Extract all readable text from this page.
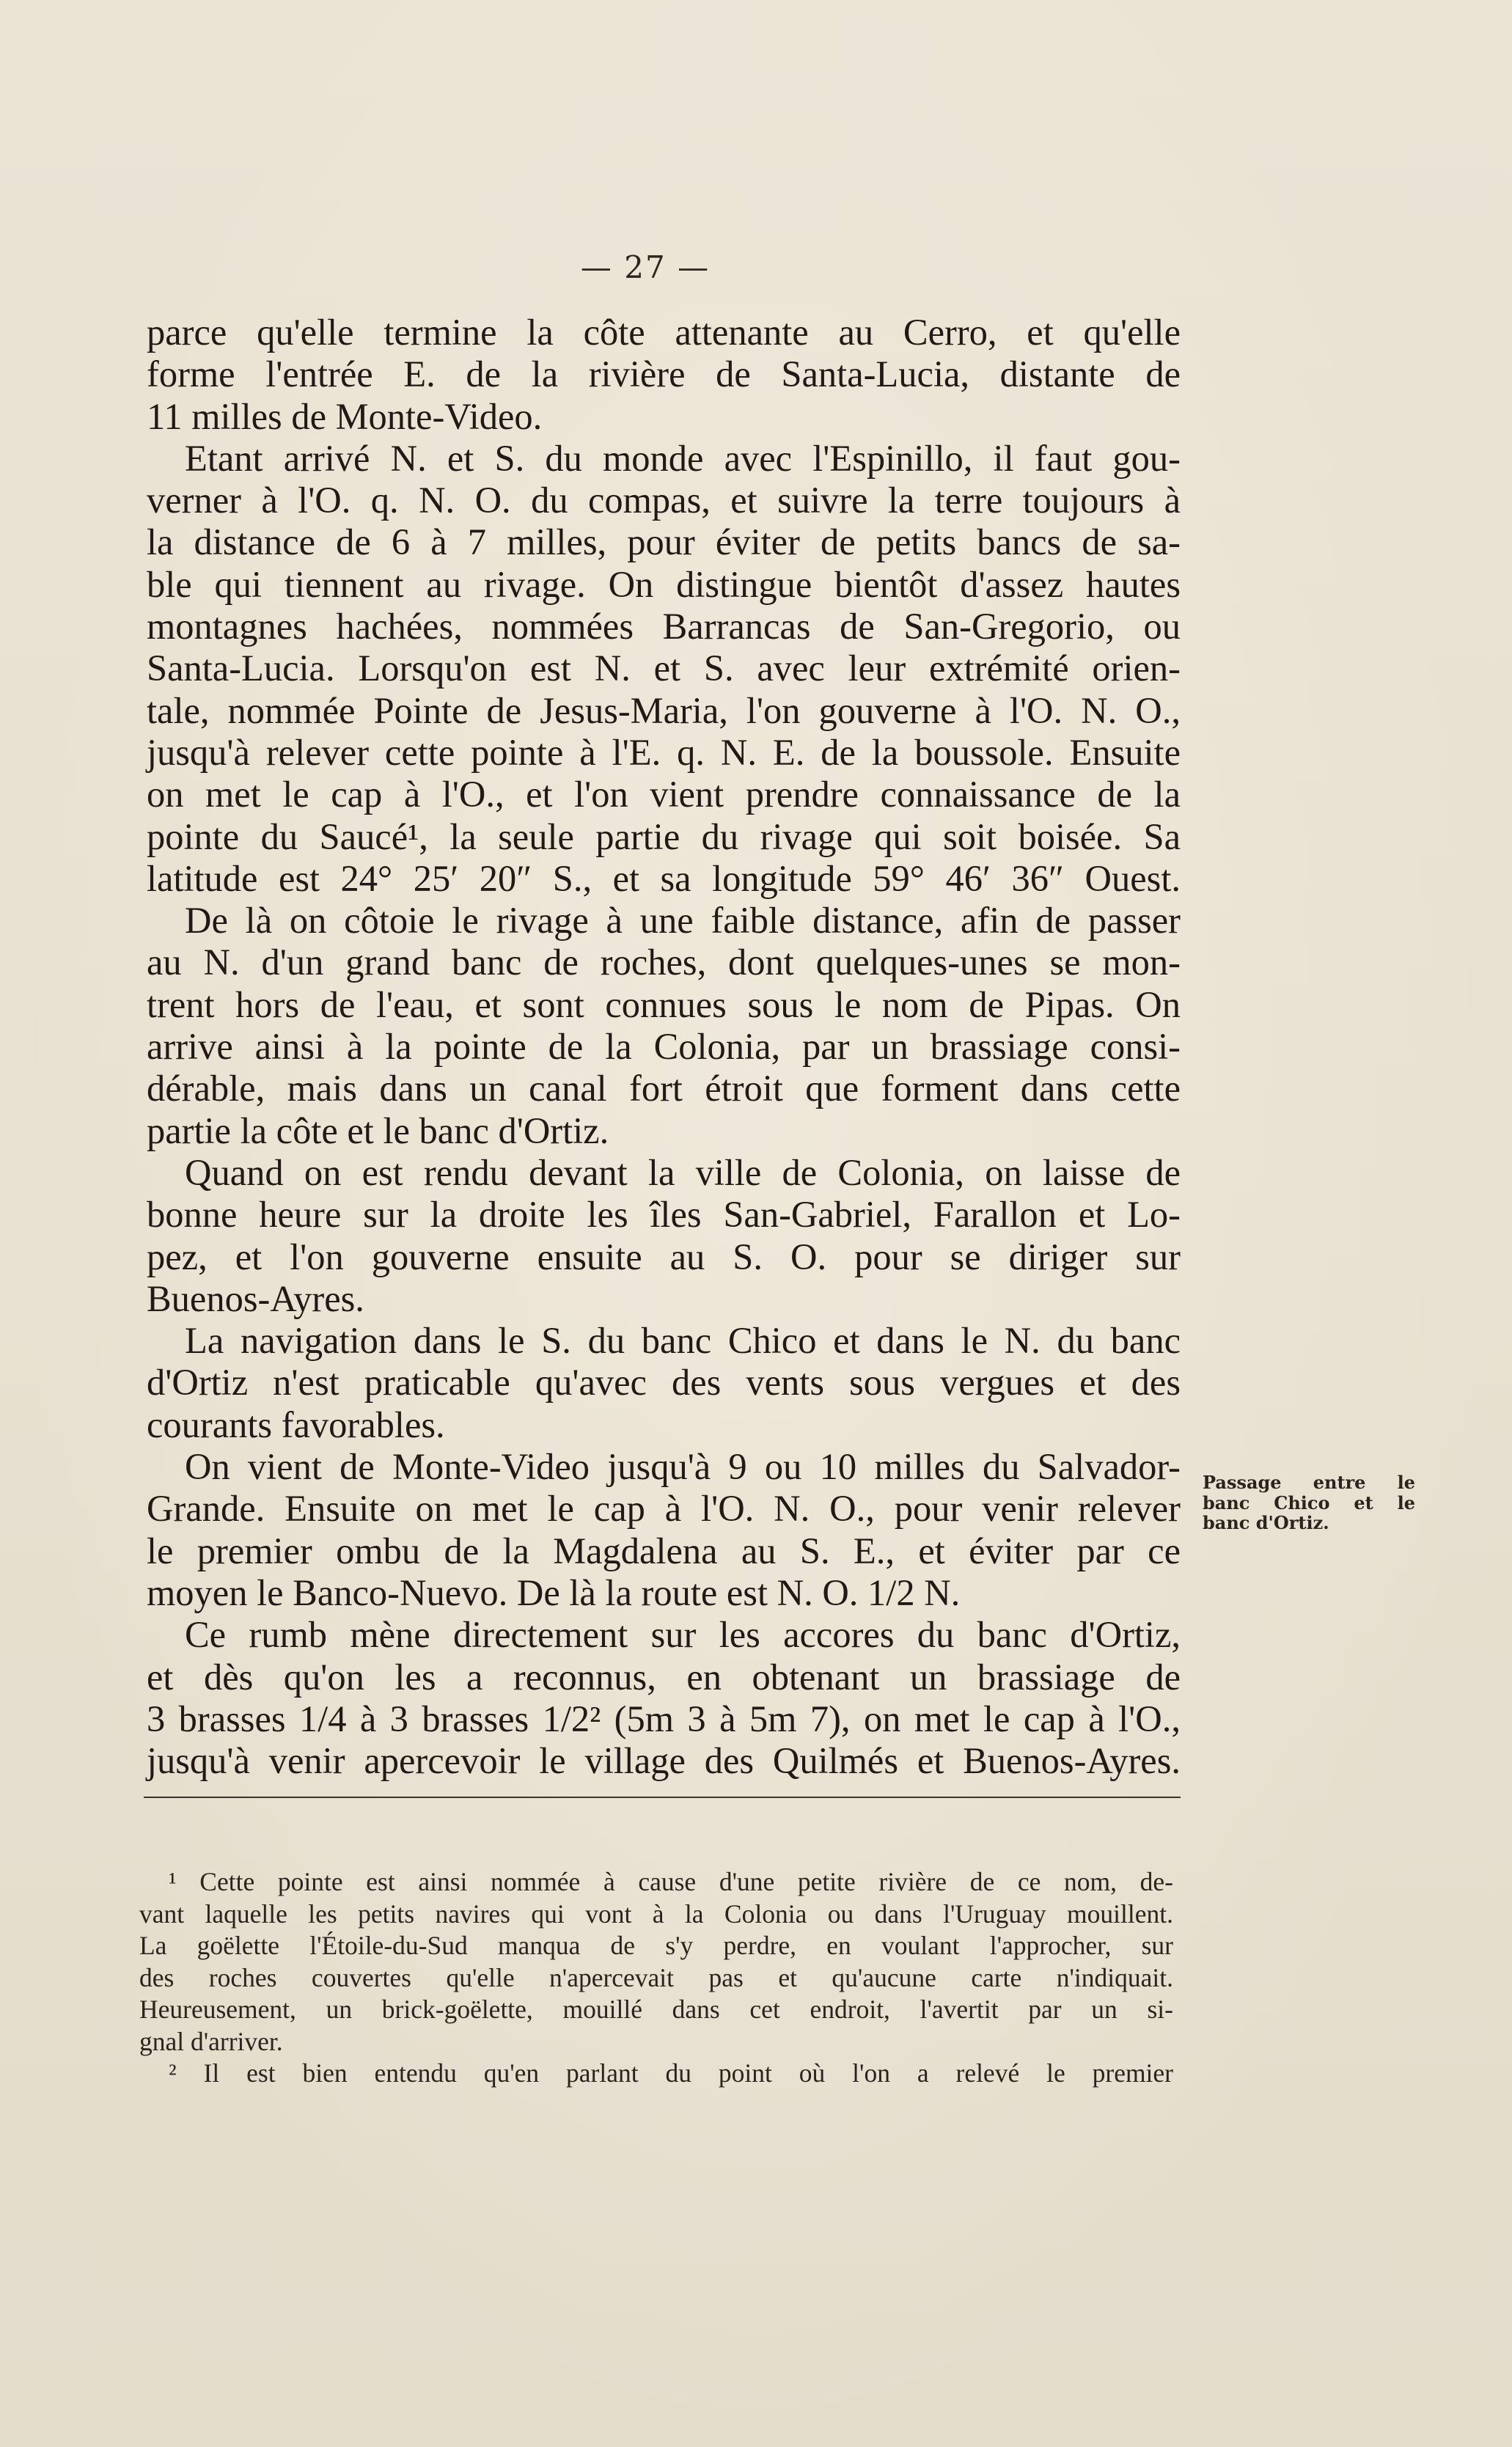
— 27 —
parce qu'elle termine la côte attenante au Cerro, et qu'elle
forme l'entrée E. de la rivière de Santa-Lucia, distante de
11 milles de Monte-Video.
Etant arrivé N. et S. du monde avec l'Espinillo, il faut gou-
verner à l'O. q. N. O. du compas, et suivre la terre toujours à
la distance de 6 à 7 milles, pour éviter de petits bancs de sa-
ble qui tiennent au rivage. On distingue bientôt d'assez hautes
montagnes hachées, nommées Barrancas de San-Gregorio, ou
Santa-Lucia. Lorsqu'on est N. et S. avec leur extrémité orien-
tale, nommée Pointe de Jesus-Maria, l'on gouverne à l'O. N. O.,
jusqu'à relever cette pointe à l'E. q. N. E. de la boussole. Ensuite
on met le cap à l'O., et l'on vient prendre connaissance de la
pointe du Saucé¹, la seule partie du rivage qui soit boisée. Sa
latitude est 24° 25′ 20″ S., et sa longitude 59° 46′ 36″ Ouest.
De là on côtoie le rivage à une faible distance, afin de passer
au N. d'un grand banc de roches, dont quelques-unes se mon-
trent hors de l'eau, et sont connues sous le nom de Pipas. On
arrive ainsi à la pointe de la Colonia, par un brassiage consi-
dérable, mais dans un canal fort étroit que forment dans cette
partie la côte et le banc d'Ortiz.
Quand on est rendu devant la ville de Colonia, on laisse de
bonne heure sur la droite les îles San-Gabriel, Farallon et Lo-
pez, et l'on gouverne ensuite au S. O. pour se diriger sur
Buenos-Ayres.
La navigation dans le S. du banc Chico et dans le N. du banc
d'Ortiz n'est praticable qu'avec des vents sous vergues et des
courants favorables.
On vient de Monte-Video jusqu'à 9 ou 10 milles du Salvador-
Grande. Ensuite on met le cap à l'O. N. O., pour venir relever
le premier ombu de la Magdalena au S. E., et éviter par ce
moyen le Banco-Nuevo. De là la route est N. O. 1/2 N.
Ce rumb mène directement sur les accores du banc d'Ortiz,
et dès qu'on les a reconnus, en obtenant un brassiage de
3 brasses 1/4 à 3 brasses 1/2² (5m 3 à 5m 7), on met le cap à l'O.,
jusqu'à venir apercevoir le village des Quilmés et Buenos-Ayres.
Passage entre le
banc Chico et le
banc d'Ortiz.
¹ Cette pointe est ainsi nommée à cause d'une petite rivière de ce nom, de-
vant laquelle les petits navires qui vont à la Colonia ou dans l'Uruguay mouillent.
La goëlette l'Étoile-du-Sud manqua de s'y perdre, en voulant l'approcher, sur
des roches couvertes qu'elle n'apercevait pas et qu'aucune carte n'indiquait.
Heureusement, un brick-goëlette, mouillé dans cet endroit, l'avertit par un si-
gnal d'arriver.
² Il est bien entendu qu'en parlant du point où l'on a relevé le premier
